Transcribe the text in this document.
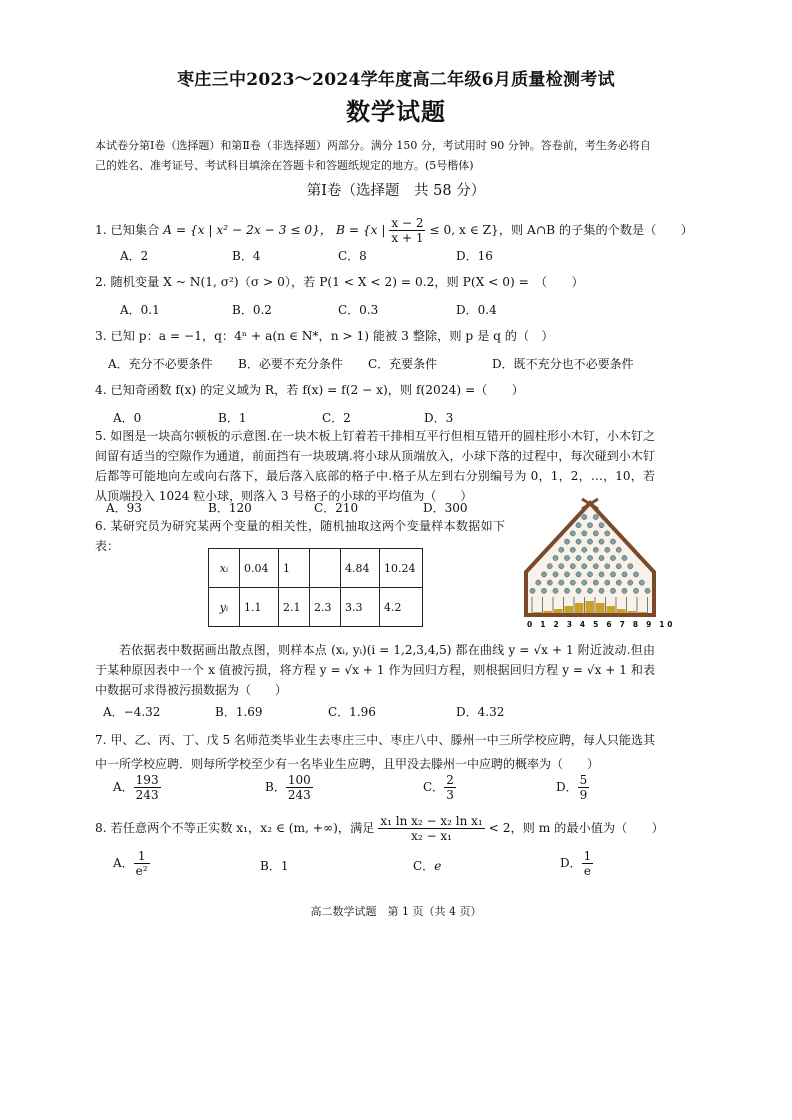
枣庄三中2023～2024学年度高二年级6月质量检测考试
数学试题
本试卷分第Ⅰ卷（选择题）和第Ⅱ卷（非选择题）两部分。满分 150 分，考试用时 90 分钟。答卷前，考生务必将自己的姓名、准考证号、考试科目填涂在答题卡和答题纸规定的地方。(5号楷体)
第Ⅰ卷（选择题　共 58 分）
1. 已知集合 A = {x | x² − 2x − 3 ≤ 0}， B = {x | $\frac{x - 2}{x + 1} \le 0$, x ∈ Z}，则 A∩B 的子集的个数是（　　）
A．2	B．4	C．8	D．16
2. 随机变量 X ~ N(1, σ²)（σ > 0），若 P(1 < X < 2) = 0.2，则 P(X < 0) =　（　　）
A．0.1	B．0.2	C．0.3	D．0.4
3. 已知 p：a = −1，q：4ⁿ + a(n ∈ N*，n > 1) 能被 3 整除，则 p 是 q 的（　）
A．充分不必要条件 B．必要不充分条件 C．充要条件	D．既不充分也不必要条件
4. 已知奇函数 f(x) 的定义域为 R，若 f(x) = f(2 − x)，则 f(2024) =（　　）
A．0	B．1	C．2	D．3
5. 如图是一块高尔顿板的示意图.在一块木板上钉着若干排相互平行但相互错开的圆柱形小木钉，小木钉之间留有适当的空隙作为通道，前面挡有一块玻璃.将小球从顶端放入，小球下落的过程中，每次碰到小木钉后都等可能地向左或向右落下，最后落入底部的格子中.格子从左到右分别编号为 0，1，2，…，10，若从顶端投入 1024 粒小球，则落入 3 号格子的小球的平均值为（　　）
A．93	B．120	C．210	D．300
6. 某研究员为研究某两个变量的相关性，随机抽取这两个变量样本数据如下表：
xᵢ	0.04	1		4.84	10.24
yᵢ	1.1	2.1	2.3	3.3	4.2
0 1 2 3 4 5 6 7 8 9 10
若依据表中数据画出散点图，则样本点 (xᵢ, yᵢ)(i = 1,2,3,4,5) 都在曲线 y = √x + 1 附近波动.但由于某种原因表中一个 x 值被污损，将方程 y = √x + 1 作为回归方程，则根据回归方程 y = √x + 1 和表中数据可求得被污损数据为（　　）
A．−4.32	B．1.69	C．1.96	D．4.32
7. 甲、乙、丙、丁、戊 5 名师范类毕业生去枣庄三中、枣庄八中、滕州一中三所学校应聘，每人只能选其中一所学校应聘．则每所学校至少有一名毕业生应聘，且甲没去滕州一中应聘的概率为（　　）
A． $\frac{193}{243}$	B． $\frac{100}{243}$	C． $\frac{2}{3}$	D． $\frac{5}{9}$
8. 若任意两个不等正实数 x₁，x₂ ∈ (m, +∞)，满足 $\frac{\text{x₁ ln x₂ − x₂ ln x₁}}{\text{x₂ − x₁}} < 2$，则 m 的最小值为（　　）
A． $\frac{1}{\text{e²}}$	B．1	C．e	D． $\frac{1}{e}$
高二数学试题　第 1 页（共 4 页）
